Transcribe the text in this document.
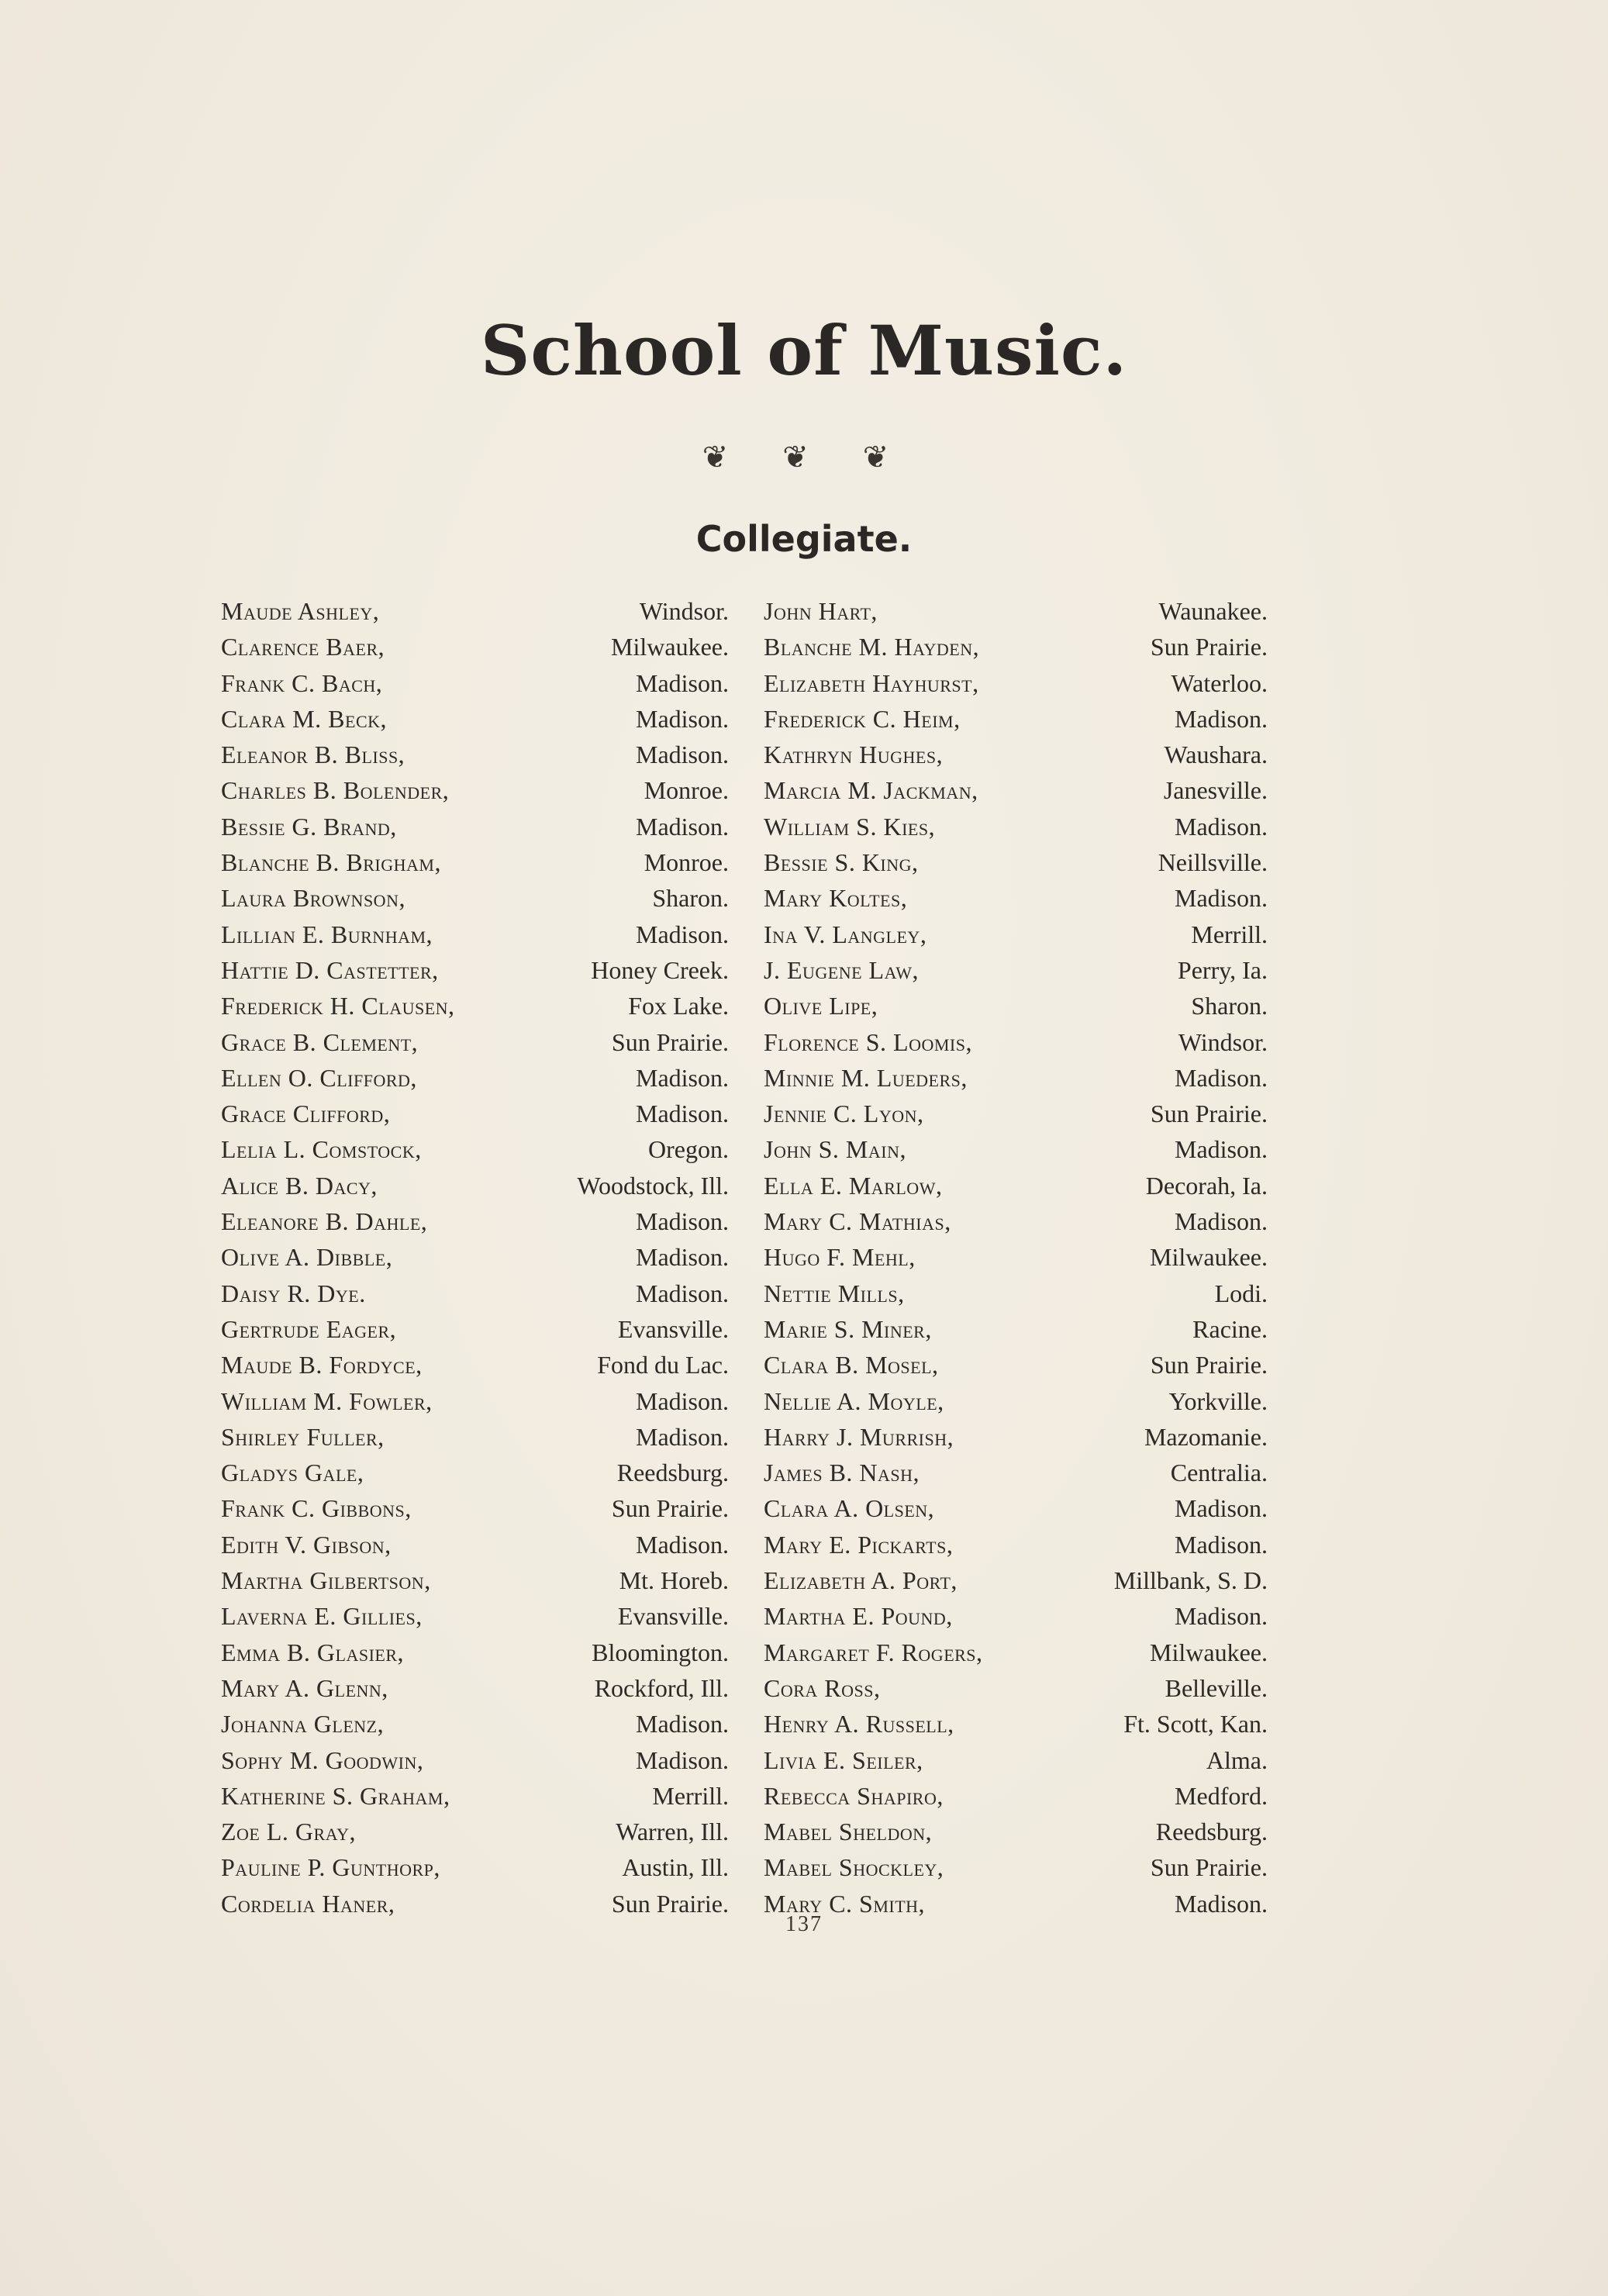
School of Music.
❦ ❦ ❦
Collegiate.
Maude Ashley,	Windsor.
Clarence Baer,	Milwaukee.
Frank C. Bach,	Madison.
Clara M. Beck,	Madison.
Eleanor B. Bliss,	Madison.
Charles B. Bolender,	Monroe.
Bessie G. Brand,	Madison.
Blanche B. Brigham,	Monroe.
Laura Brownson,	Sharon.
Lillian E. Burnham,	Madison.
Hattie D. Castetter,	Honey Creek.
Frederick H. Clausen,	Fox Lake.
Grace B. Clement,	Sun Prairie.
Ellen O. Clifford,	Madison.
Grace Clifford,	Madison.
Lelia L. Comstock,	Oregon.
Alice B. Dacy,	Woodstock, Ill.
Eleanore B. Dahle,	Madison.
Olive A. Dibble,	Madison.
Daisy R. Dye.	Madison.
Gertrude Eager,	Evansville.
Maude B. Fordyce,	Fond du Lac.
William M. Fowler,	Madison.
Shirley Fuller,	Madison.
Gladys Gale,	Reedsburg.
Frank C. Gibbons,	Sun Prairie.
Edith V. Gibson,	Madison.
Martha Gilbertson,	Mt. Horeb.
Laverna E. Gillies,	Evansville.
Emma B. Glasier,	Bloomington.
Mary A. Glenn,	Rockford, Ill.
Johanna Glenz,	Madison.
Sophy M. Goodwin,	Madison.
Katherine S. Graham,	Merrill.
Zoe L. Gray,	Warren, Ill.
Pauline P. Gunthorp,	Austin, Ill.
Cordelia Haner,	Sun Prairie.
John Hart,	Waunakee.
Blanche M. Hayden,	Sun Prairie.
Elizabeth Hayhurst,	Waterloo.
Frederick C. Heim,	Madison.
Kathryn Hughes,	Waushara.
Marcia M. Jackman,	Janesville.
William S. Kies,	Madison.
Bessie S. King,	Neillsville.
Mary Koltes,	Madison.
Ina V. Langley,	Merrill.
J. Eugene Law,	Perry, Ia.
Olive Lipe,	Sharon.
Florence S. Loomis,	Windsor.
Minnie M. Lueders,	Madison.
Jennie C. Lyon,	Sun Prairie.
John S. Main,	Madison.
Ella E. Marlow,	Decorah, Ia.
Mary C. Mathias,	Madison.
Hugo F. Mehl,	Milwaukee.
Nettie Mills,	Lodi.
Marie S. Miner,	Racine.
Clara B. Mosel,	Sun Prairie.
Nellie A. Moyle,	Yorkville.
Harry J. Murrish,	Mazomanie.
James B. Nash,	Centralia.
Clara A. Olsen,	Madison.
Mary E. Pickarts,	Madison.
Elizabeth A. Port,	Millbank, S. D.
Martha E. Pound,	Madison.
Margaret F. Rogers,	Milwaukee.
Cora Ross,	Belleville.
Henry A. Russell,	Ft. Scott, Kan.
Livia E. Seiler,	Alma.
Rebecca Shapiro,	Medford.
Mabel Sheldon,	Reedsburg.
Mabel Shockley,	Sun Prairie.
Mary C. Smith,	Madison.
137
